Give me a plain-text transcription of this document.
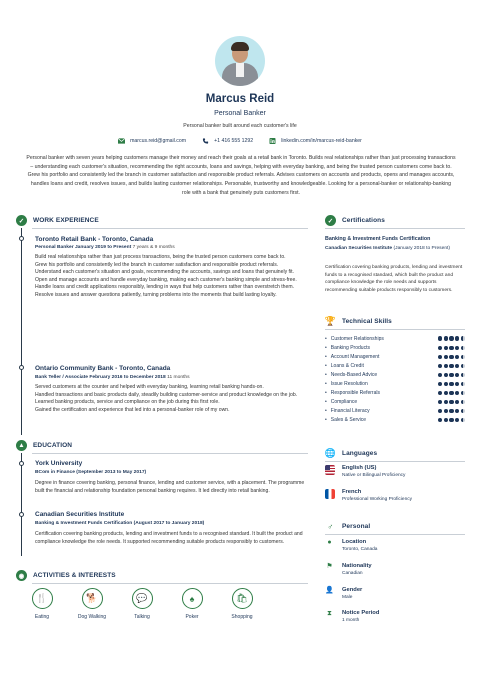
Marcus Reid
Personal Banker
Personal banker built around each customer's life
marcus.reid@gmail.com	+1 416 555 1292	linkedin.com/in/marcus-reid-banker
Personal banker with seven years helping customers manage their money and reach their goals at a retail bank in Toronto. Builds real relationships rather than just processing transactions – understanding each customer's situation, recommending the right accounts, loans and savings, helping with everyday banking, and being the trusted person customers come back to. Grew his portfolio and consistently led the branch in customer satisfaction and responsible product referrals. Advises customers on accounts and products, opens and manages accounts, handles loans and credit, resolves issues, and builds lasting customer relationships. Personable, trustworthy and knowledgeable. Looking for a personal-banker or relationship-banking role with a bank that genuinely puts customers first.
✓	WORK EXPERIENCE
Toronto Retail Bank - Toronto, Canada
Personal Banker January 2019 to Present 7 years & 9 months
Build real relationships rather than just process transactions, being the trusted person customers come back to.
Grew his portfolio and consistently led the branch in customer satisfaction and responsible product referrals.
Understand each customer's situation and goals, recommending the accounts, savings and loans that genuinely fit.
Open and manage accounts and handle everyday banking, making each customer's banking simple and stress-free.
Handle loans and credit applications responsibly, lending in ways that help customers rather than overstretch them.
Resolve issues and answer questions patiently, turning problems into the moments that build lasting loyalty.
Ontario Community Bank - Toronto, Canada
Bank Teller / Associate February 2016 to December 2018 11 months
Served customers at the counter and helped with everyday banking, learning retail banking hands-on.
Handled transactions and basic products daily, steadily building customer-service and product knowledge on the job.
Learned banking products, service and compliance on the job during this first role.
Gained the certification and experience that led into a personal-banker role of my own.
▲	EDUCATION
York University
BCom in Finance (September 2013 to May 2017)
Degree in finance covering banking, personal finance, lending and customer service, with a placement. The programme built the financial and relationship foundation personal banking requires. It led directly into retail banking.
Canadian Securities Institute
Banking & Investment Funds Certification (August 2017 to January 2018)
Certification covering banking products, lending and investment funds to a recognised standard. It built the product and compliance knowledge the role needs. It supported recommending suitable products responsibly to customers.
◉	ACTIVITIES & INTERESTS
🍴
Eating
🐕
Dog Walking
💬
Talking
♠
Poker
🛍
Shopping
✓	Certifications
Banking & Investment Funds Certification
Canadian Securities Institute (January 2018 to Present)
Certification covering banking products, lending and investment funds to a recognised standard, which built the product and compliance knowledge the role needs and supports recommending suitable products responsibly to customers.
🏆 Technical Skills
• Customer Relationships
• Banking Products
• Account Management
• Loans & Credit
• Needs-Based Advice
• Issue Resolution
• Responsible Referrals
• Compliance
• Financial Literacy
• Sales & Service
🌐 Languages
English (US)
Native or Bilingual Proficiency
French
Professional Working Proficiency
♂	Personal
●	Location
Toronto, Canada
⚑ Nationality
Canadian
👤 Gender
Male
⧗	Notice Period
1 month
